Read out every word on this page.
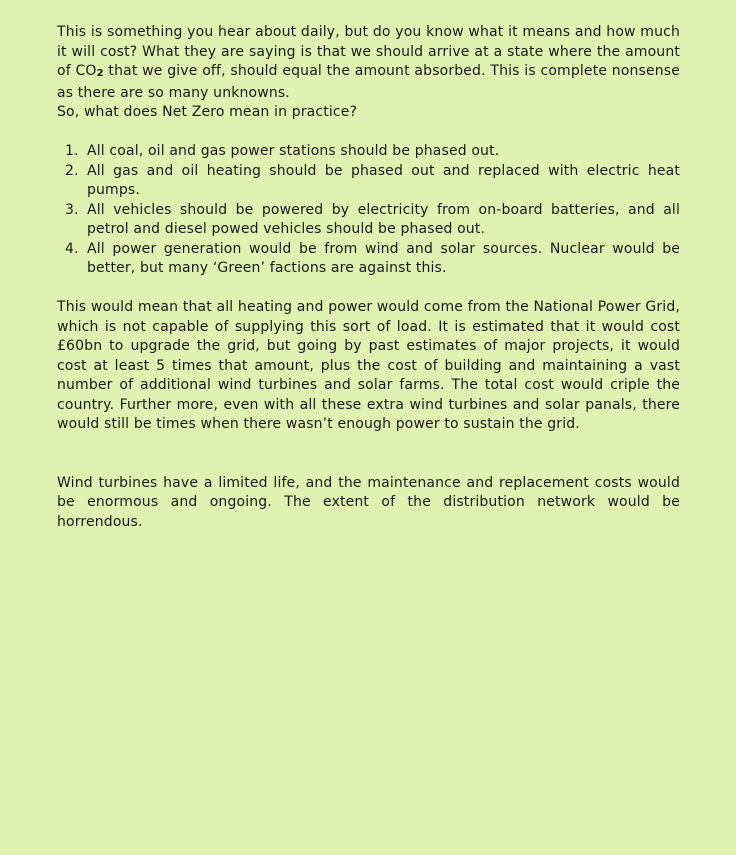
This is something you hear about daily, but do you know what it means and how much it will cost? What they are saying is that we should arrive at a state where the amount of CO2 that we give off, should equal the amount absorbed. This is complete nonsense as there are so many unknowns.

So, what does Net Zero mean in practice?

1. All coal, oil and gas power stations should be phased out.
2. All gas and oil heating should be phased out and replaced with electric heat pumps.
3. All vehicles should be powered by electricity from on-board batteries, and all petrol and diesel powed vehicles should be phased out.
4. All power generation would be from wind and solar sources. Nuclear would be better, but many ‘Green’ factions are against this.

This would mean that all heating and power would come from the National Power Grid, which is not capable of supplying this sort of load. It is estimated that it would cost £60bn to upgrade the grid, but going by past estimates of major projects, it would cost at least 5 times that amount, plus the cost of building and maintaining a vast number of additional wind turbines and solar farms. The total cost would criple the country. Further more, even with all these extra wind turbines and solar panals, there would still be times when there wasn’t enough power to sustain the grid.

Wind turbines have a limited life, and the maintenance and replacement costs would be enormous and ongoing. The extent of the distribution network would be horrendous.
